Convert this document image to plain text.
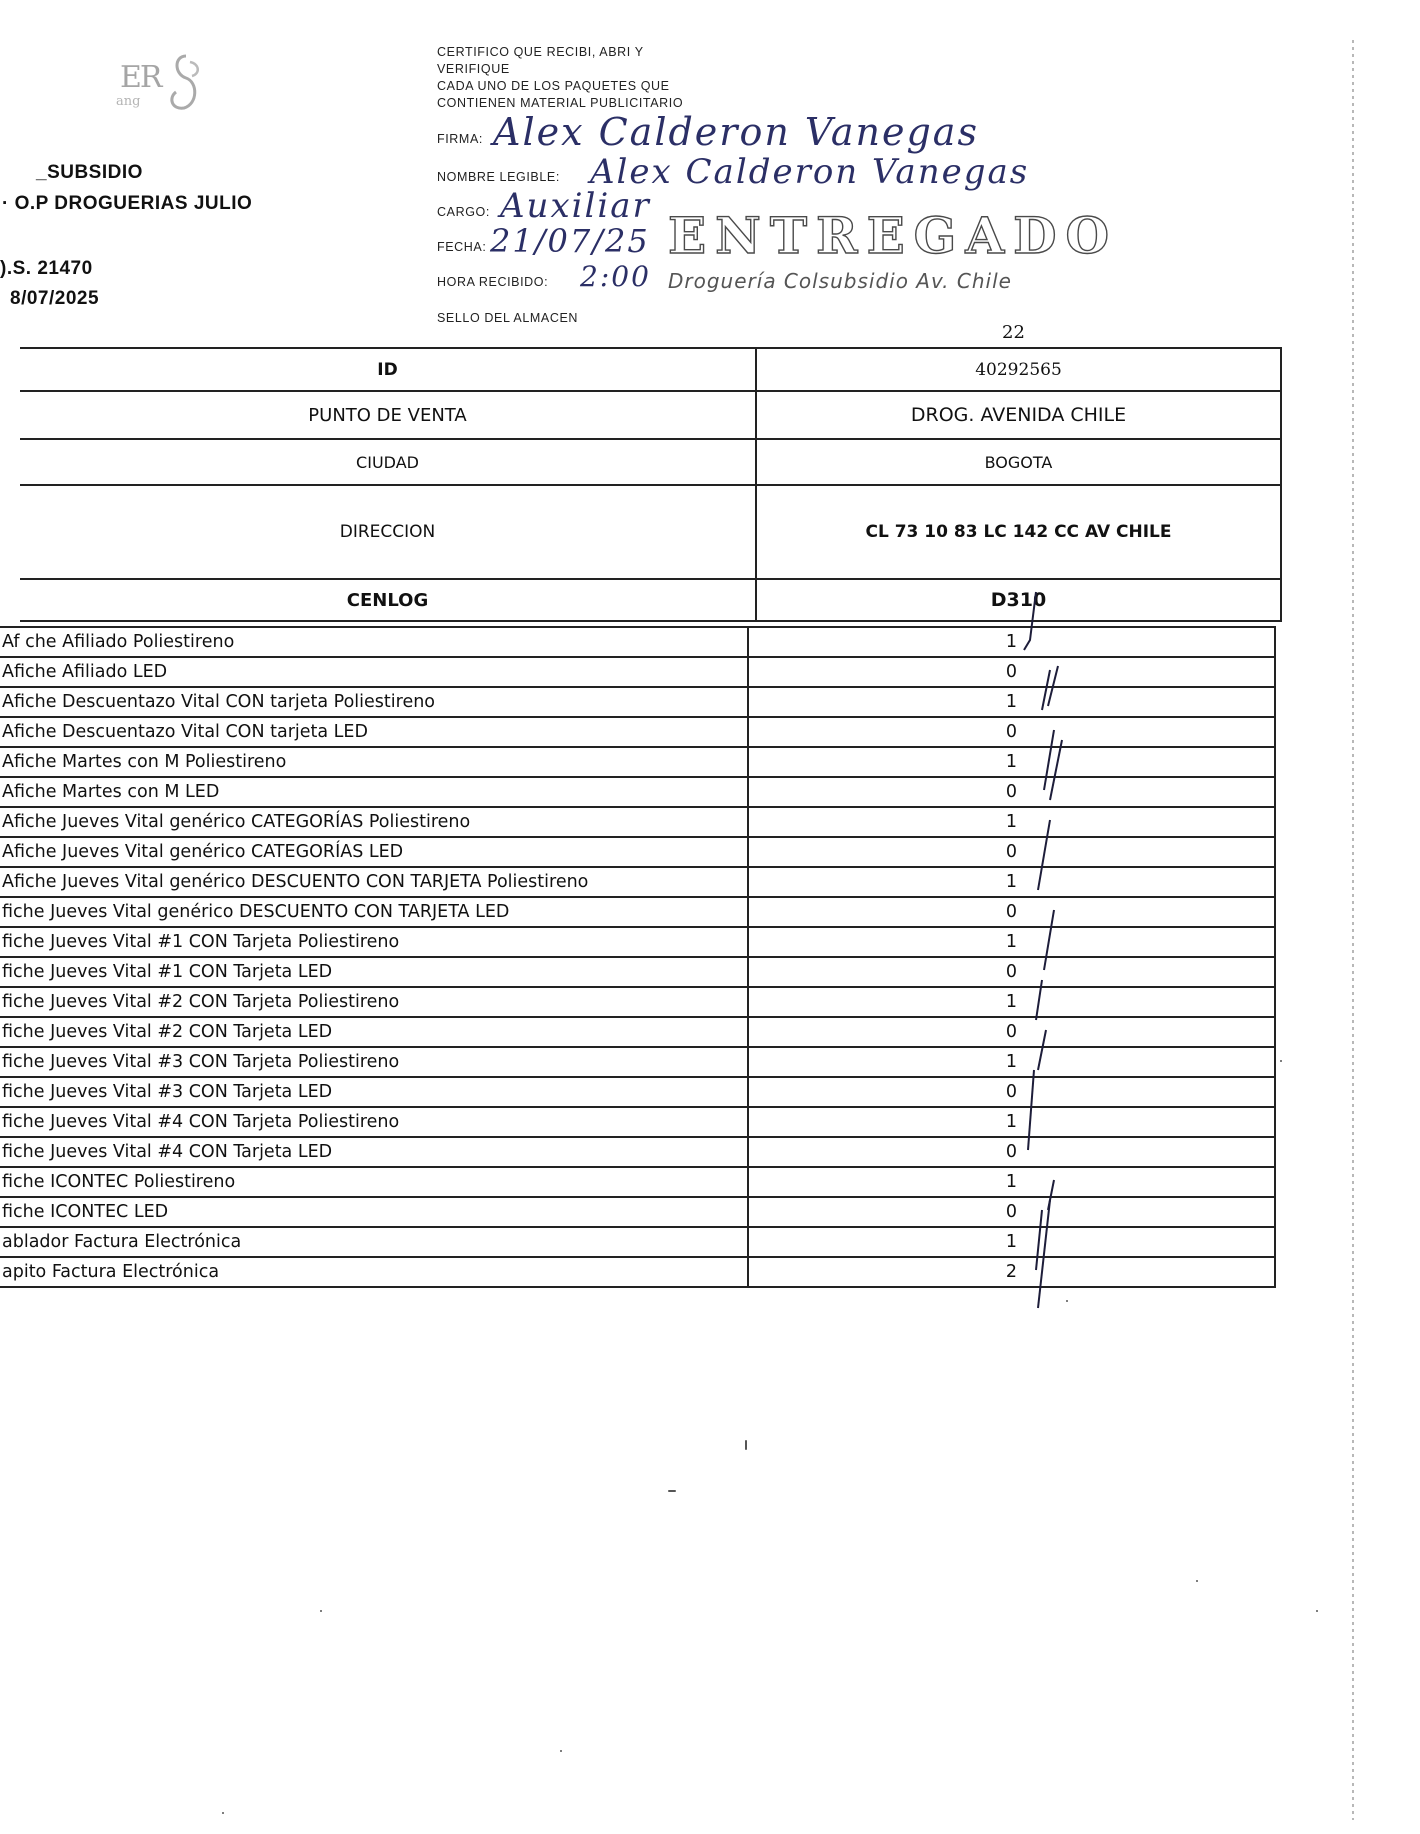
ER
ang
_SUBSIDIO
· O.P DROGUERIAS JULIO
).S. 21470
8/07/2025
CERTIFICO QUE RECIBI, ABRI Y
VERIFIQUE
CADA UNO DE LOS PAQUETES QUE
CONTIENEN MATERIAL PUBLICITARIO
FIRMA: Alex Calderon Vanegas
NOMBRE LEGIBLE: Alex Calderon Vanegas
CARGO: Auxiliar
FECHA: 21/07/25
HORA RECIBIDO: 2:00
SELLO DEL ALMACEN
ENTREGADO
Droguería Colsubsidio Av. Chile
22
ID	40292565
PUNTO DE VENTA	DROG. AVENIDA CHILE
CIUDAD	BOGOTA
DIRECCION	CL 73 10 83 LC 142 CC AV CHILE
CENLOG	D310
Af che Afiliado Poliestireno	1
Afiche Afiliado LED	0
Afiche Descuentazo Vital CON tarjeta Poliestireno	1
Afiche Descuentazo Vital CON tarjeta LED	0
Afiche Martes con M Poliestireno	1
Afiche Martes con M LED	0
Afiche Jueves Vital genérico CATEGORÍAS Poliestireno	1
Afiche Jueves Vital genérico CATEGORÍAS LED	0
Afiche Jueves Vital genérico DESCUENTO CON TARJETA Poliestireno	1
fiche Jueves Vital genérico DESCUENTO CON TARJETA LED	0
fiche Jueves Vital #1 CON Tarjeta Poliestireno	1
fiche Jueves Vital #1 CON Tarjeta LED	0
fiche Jueves Vital #2 CON Tarjeta Poliestireno	1
fiche Jueves Vital #2 CON Tarjeta LED	0
fiche Jueves Vital #3 CON Tarjeta Poliestireno	1
fiche Jueves Vital #3 CON Tarjeta LED	0
fiche Jueves Vital #4 CON Tarjeta Poliestireno	1
fiche Jueves Vital #4 CON Tarjeta LED	0
fiche ICONTEC Poliestireno	1
fiche ICONTEC LED	0
ablador Factura Electrónica	1
apito Factura Electrónica	2
